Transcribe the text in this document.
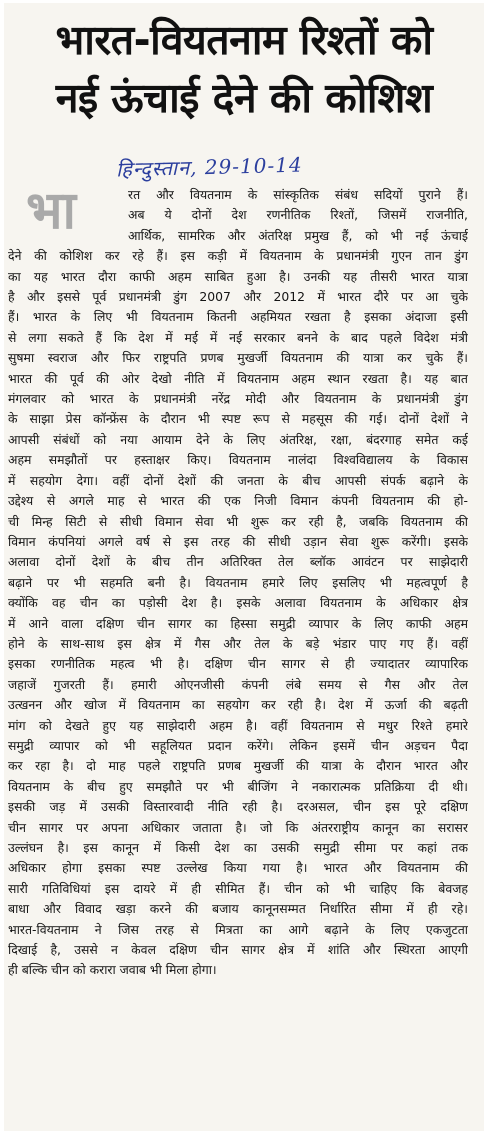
भारत-वियतनाम रिश्तों को
नई ऊंचाई देने की कोशिश
हिन्दुस्तान, 29-10-14
भा	रत और वियतनाम के सांस्कृतिक संबंध सदियों पुराने हैं।
अब ये दोनों देश रणनीतिक रिश्तों, जिसमें राजनीति,
आर्थिक, सामरिक और अंतरिक्ष प्रमुख हैं, को भी नई ऊंचाई
देने की कोशिश कर रहे हैं। इस कड़ी में वियतनाम के प्रधानमंत्री गुएन तान डुंग
का यह भारत दौरा काफी अहम साबित हुआ है। उनकी यह तीसरी भारत यात्रा
है और इससे पूर्व प्रधानमंत्री डुंग 2007 और 2012 में भारत दौरे पर आ चुके
हैं। भारत के लिए भी वियतनाम कितनी अहमियत रखता है इसका अंदाजा इसी
से लगा सकते हैं कि देश में मई में नई सरकार बनने के बाद पहले विदेश मंत्री
सुषमा स्वराज और फिर राष्ट्रपति प्रणब मुखर्जी वियतनाम की यात्रा कर चुके हैं।
भारत की पूर्व की ओर देखो नीति में वियतनाम अहम स्थान रखता है। यह बात
मंगलवार को भारत के प्रधानमंत्री नरेंद्र मोदी और वियतनाम के प्रधानमंत्री डुंग
के साझा प्रेस कॉन्फ्रेंस के दौरान भी स्पष्ट रूप से महसूस की गई। दोनों देशों ने
आपसी संबंधों को नया आयाम देने के लिए अंतरिक्ष, रक्षा, बंदरगाह समेत कई
अहम समझौतों पर हस्ताक्षर किए। वियतनाम नालंदा विश्वविद्यालय के विकास
में सहयोग देगा। वहीं दोनों देशों की जनता के बीच आपसी संपर्क बढ़ाने के
उद्देश्य से अगले माह से भारत की एक निजी विमान कंपनी वियतनाम की हो-
ची मिन्ह सिटी से सीधी विमान सेवा भी शुरू कर रही है, जबकि वियतनाम की
विमान कंपनियां अगले वर्ष से इस तरह की सीधी उड़ान सेवा शुरू करेंगी। इसके
अलावा दोनों देशों के बीच तीन अतिरिक्त तेल ब्लॉक आवंटन पर साझेदारी
बढ़ाने पर भी सहमति बनी है। वियतनाम हमारे लिए इसलिए भी महत्वपूर्ण है
क्योंकि वह चीन का पड़ोसी देश है। इसके अलावा वियतनाम के अधिकार क्षेत्र
में आने वाला दक्षिण चीन सागर का हिस्सा समुद्री व्यापार के लिए काफी अहम
होने के साथ-साथ इस क्षेत्र में गैस और तेल के बड़े भंडार पाए गए हैं। वहीं
इसका रणनीतिक महत्व भी है। दक्षिण चीन सागर से ही ज्यादातर व्यापारिक
जहाजें गुजरती हैं। हमारी ओएनजीसी कंपनी लंबे समय से गैस और तेल
उत्खनन और खोज में वियतनाम का सहयोग कर रही है। देश में ऊर्जा की बढ़ती
मांग को देखते हुए यह साझेदारी अहम है। वहीं वियतनाम से मधुर रिश्ते हमारे
समुद्री व्यापार को भी सहूलियत प्रदान करेंगे। लेकिन इसमें चीन अड़चन पैदा
कर रहा है। दो माह पहले राष्ट्रपति प्रणब मुखर्जी की यात्रा के दौरान भारत और
वियतनाम के बीच हुए समझौते पर भी बीजिंग ने नकारात्मक प्रतिक्रिया दी थी।
इसकी जड़ में उसकी विस्तारवादी नीति रही है। दरअसल, चीन इस पूरे दक्षिण
चीन सागर पर अपना अधिकार जताता है। जो कि अंतरराष्ट्रीय कानून का सरासर
उल्लंघन है। इस कानून में किसी देश का उसकी समुद्री सीमा पर कहां तक
अधिकार होगा इसका स्पष्ट उल्लेख किया गया है। भारत और वियतनाम की
सारी गतिविधियां इस दायरे में ही सीमित हैं। चीन को भी चाहिए कि बेवजह
बाधा और विवाद खड़ा करने की बजाय कानूनसम्मत निर्धारित सीमा में ही रहे।
भारत-वियतनाम ने जिस तरह से मित्रता का आगे बढ़ाने के लिए एकजुटता
दिखाई है, उससे न केवल दक्षिण चीन सागर क्षेत्र में शांति और स्थिरता आएगी
ही बल्कि चीन को करारा जवाब भी मिला होगा।
